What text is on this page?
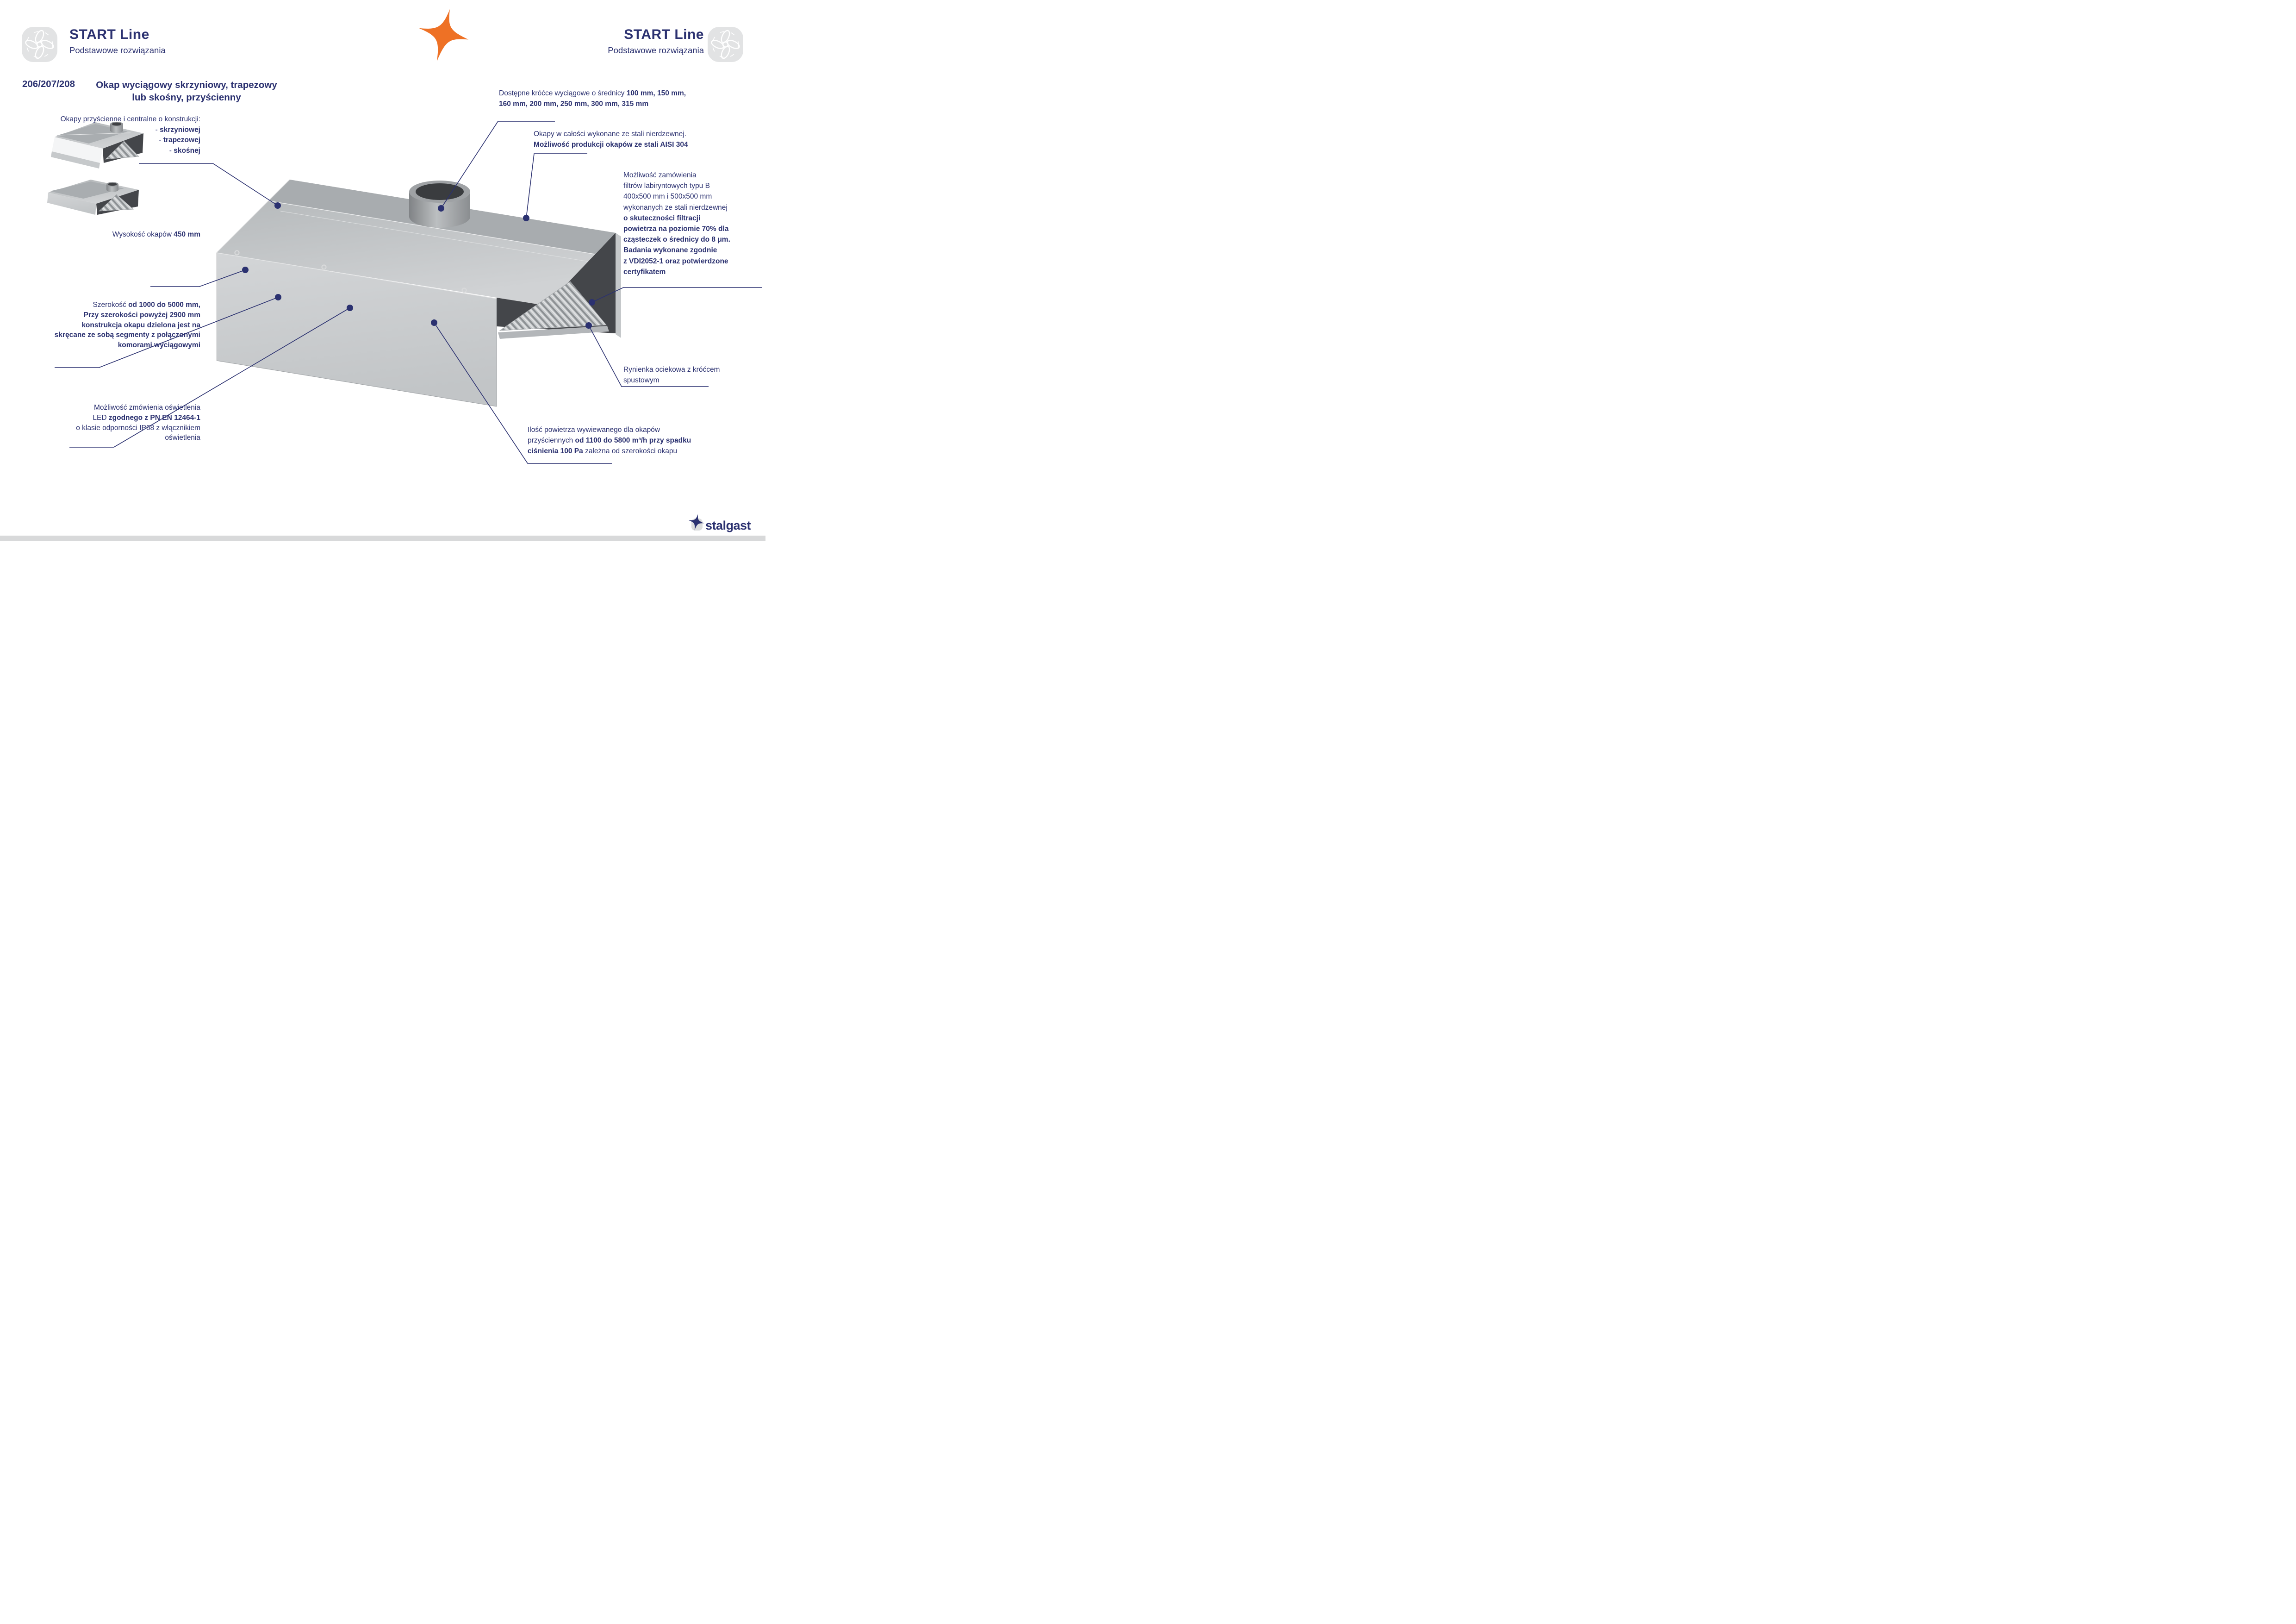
stalgast
START Line
Podstawowe rozwiązania
START Line
Podstawowe rozwiązania
206/207/208	Okap wyciągowy skrzyniowy, trapezowy
lub skośny, przyścienny
Okapy przyścienne i centralne o konstrukcji:
- skrzyniowej
- trapezowej
- skośnej
Wysokość okapów 450 mm
Szerokość od 1000 do 5000 mm,
Przy szerokości powyżej 2900 mm
konstrukcja okapu dzielona jest na
skręcane ze sobą segmenty z połączonymi
komorami wyciągowymi
Możliwość zmówienia oświetlenia
LED zgodnego z PN EN 12464-1
o klasie odporności IP68 z włącznikiem
oświetlenia
Dostępne króćce wyciągowe o średnicy 100 mm, 150 mm,
160 mm, 200 mm, 250 mm, 300 mm, 315 mm
Okapy w całości wykonane ze stali nierdzewnej.
Możliwość produkcji okapów ze stali AISI 304
Możliwość zamówienia
filtrów labiryntowych typu B
400x500 mm i 500x500 mm
wykonanych ze stali nierdzewnej
o skuteczności filtracji
powietrza na poziomie 70% dla
cząsteczek o średnicy do 8 μm.
Badania wykonane zgodnie
z VDI2052-1 oraz potwierdzone
certyfikatem
Rynienka ociekowa z króćcem
spustowym
Ilość powietrza wywiewanego dla okapów
przyściennych od 1100 do 5800 m³/h przy spadku
ciśnienia 100 Pa zależna od szerokości okapu
